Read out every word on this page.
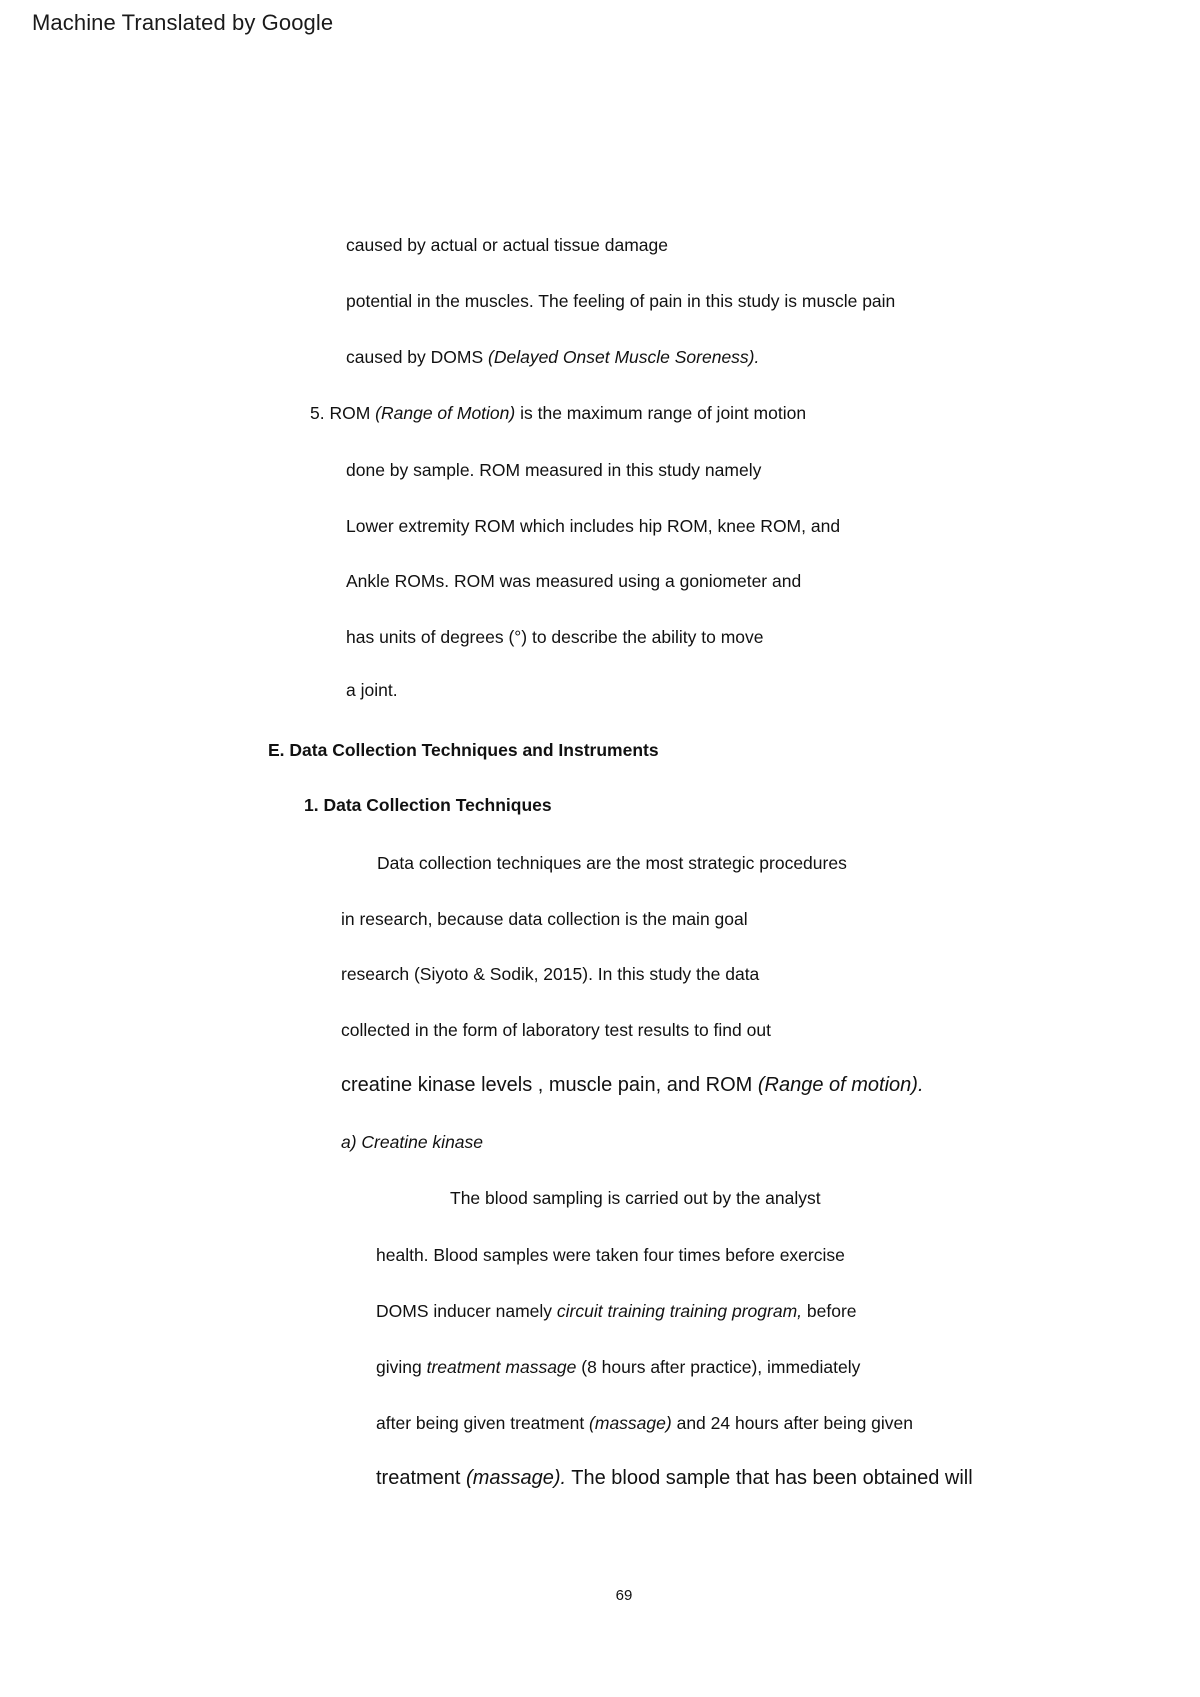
Machine Translated by Google
caused by actual or actual tissue damage
potential in the muscles. The feeling of pain in this study is muscle pain
caused by DOMS (Delayed Onset Muscle Soreness).
5. ROM (Range of Motion) is the maximum range of joint motion
done by sample. ROM measured in this study namely
Lower extremity ROM which includes hip ROM, knee ROM, and
Ankle ROMs. ROM was measured using a goniometer and
has units of degrees (°) to describe the ability to move
a joint.
E. Data Collection Techniques and Instruments
1. Data Collection Techniques
Data collection techniques are the most strategic procedures
in research, because data collection is the main goal
research (Siyoto & Sodik, 2015). In this study the data
collected in the form of laboratory test results to find out
creatine kinase levels , muscle pain, and ROM (Range of motion).
a) Creatine kinase
The blood sampling is carried out by the analyst
health. Blood samples were taken four times before exercise
DOMS inducer namely circuit training training program, before
giving treatment massage (8 hours after practice), immediately
after being given treatment (massage) and 24 hours after being given
treatment (massage). The blood sample that has been obtained will
69
